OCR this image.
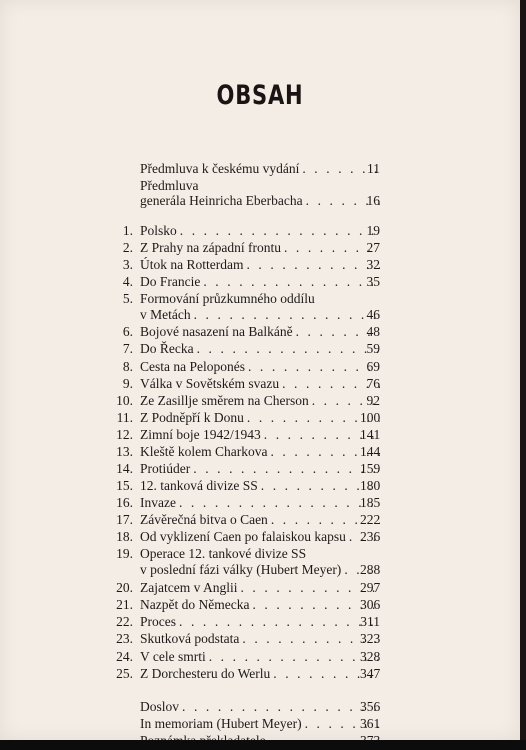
OBSAH
Předmluva k českému vydání . . .	11
Předmluva
generála Heinricha Eberbacha . . .	16
1. Polsko . . .	19
2. Z Prahy na západní frontu . . .	27
3. Útok na Rotterdam . . .	32
4. Do Francie . . .	35
5. Formování průzkumného oddílu
v Metách . . .	46
6. Bojové nasazení na Balkáně . . .	48
7. Do Řecka . . .	59
8. Cesta na Peloponés . . .	69
9. Válka v Sovětském svazu . . .	76
10. Ze Zasillje směrem na Cherson . . .	92
11. Z Podněpří k Donu . . .	100
12. Zimní boje 1942/1943 . . .	141
13. Kleště kolem Charkova . . .	144
14. Protiúder . . .	159
15. 12. tanková divize SS . . .	180
16. Invaze . . .	185
17. Závěrečná bitva o Caen . . .	222
18. Od vyklizení Caen po falaiskou kapsu . . . 236
19. Operace 12. tankové divize SS
v poslední fázi války (Hubert Meyer) . . . 288
20. Zajatcem v Anglii . . .	297
21. Nazpět do Německa . . .	306
22. Proces . . .	311
23. Skutková podstata . . .	323
24. V cele smrti . . .	328
25. Z Dorchesteru do Werlu . . .	347
Doslov . . .	356
In memoriam (Hubert Meyer) . . .	361
. . .
